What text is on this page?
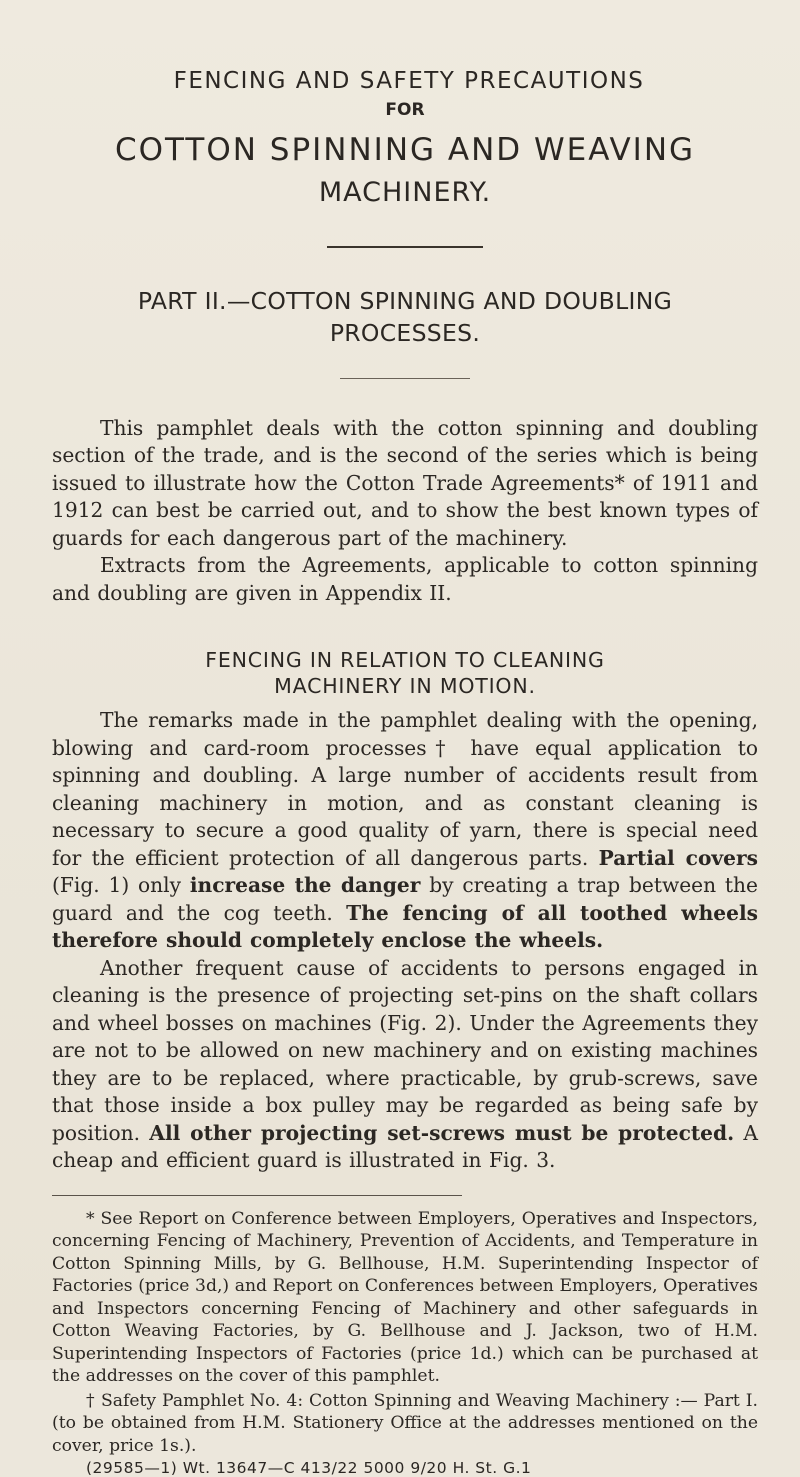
FENCING AND SAFETY PRECAUTIONS
FOR
COTTON SPINNING AND WEAVING
MACHINERY.
PART II.—COTTON SPINNING AND DOUBLING
PROCESSES.

This pamphlet deals with the cotton spinning and doubling section of the trade, and is the second of the series which is being issued to illustrate how the Cotton Trade Agreements* of 1911 and 1912 can best be carried out, and to show the best known types of guards for each dangerous part of the machinery.

Extracts from the Agreements, applicable to cotton spinning and doubling are given in Appendix II.

FENCING IN RELATION TO CLEANING
MACHINERY IN MOTION.

The remarks made in the pamphlet dealing with the opening, blowing and card-room processes† have equal application to spinning and doubling. A large number of accidents result from cleaning machinery in motion, and as constant cleaning is necessary to secure a good quality of yarn, there is special need for the efficient protection of all dangerous parts. Partial covers (Fig. 1) only increase the danger by creating a trap between the guard and the cog teeth. The fencing of all toothed wheels therefore should completely enclose the wheels.

Another frequent cause of accidents to persons engaged in cleaning is the presence of projecting set-pins on the shaft collars and wheel bosses on machines (Fig. 2). Under the Agreements they are not to be allowed on new machinery and on existing machines they are to be replaced, where practicable, by grub-screws, save that those inside a box pulley may be regarded as being safe by position. All other projecting set-screws must be protected. A cheap and efficient guard is illustrated in Fig. 3.

* See Report on Conference between Employers, Operatives and Inspectors, concerning Fencing of Machinery, Prevention of Accidents, and Temperature in Cotton Spinning Mills, by G. Bellhouse, H.M. Superintending Inspector of Factories (price 3d,) and Report on Conferences between Employers, Operatives and Inspectors concerning Fencing of Machinery and other safeguards in Cotton Weaving Factories, by G. Bellhouse and J. Jackson, two of H.M. Superintending Inspectors of Factories (price 1d.) which can be purchased at the addresses on the cover of this pamphlet.

† Safety Pamphlet No. 4: Cotton Spinning and Weaving Machinery :— Part I. (to be obtained from H.M. Stationery Office at the addresses mentioned on the cover, price 1s.).

(29585—1) Wt. 13647—C 413/22 5000 9/20 H. St. G.1
